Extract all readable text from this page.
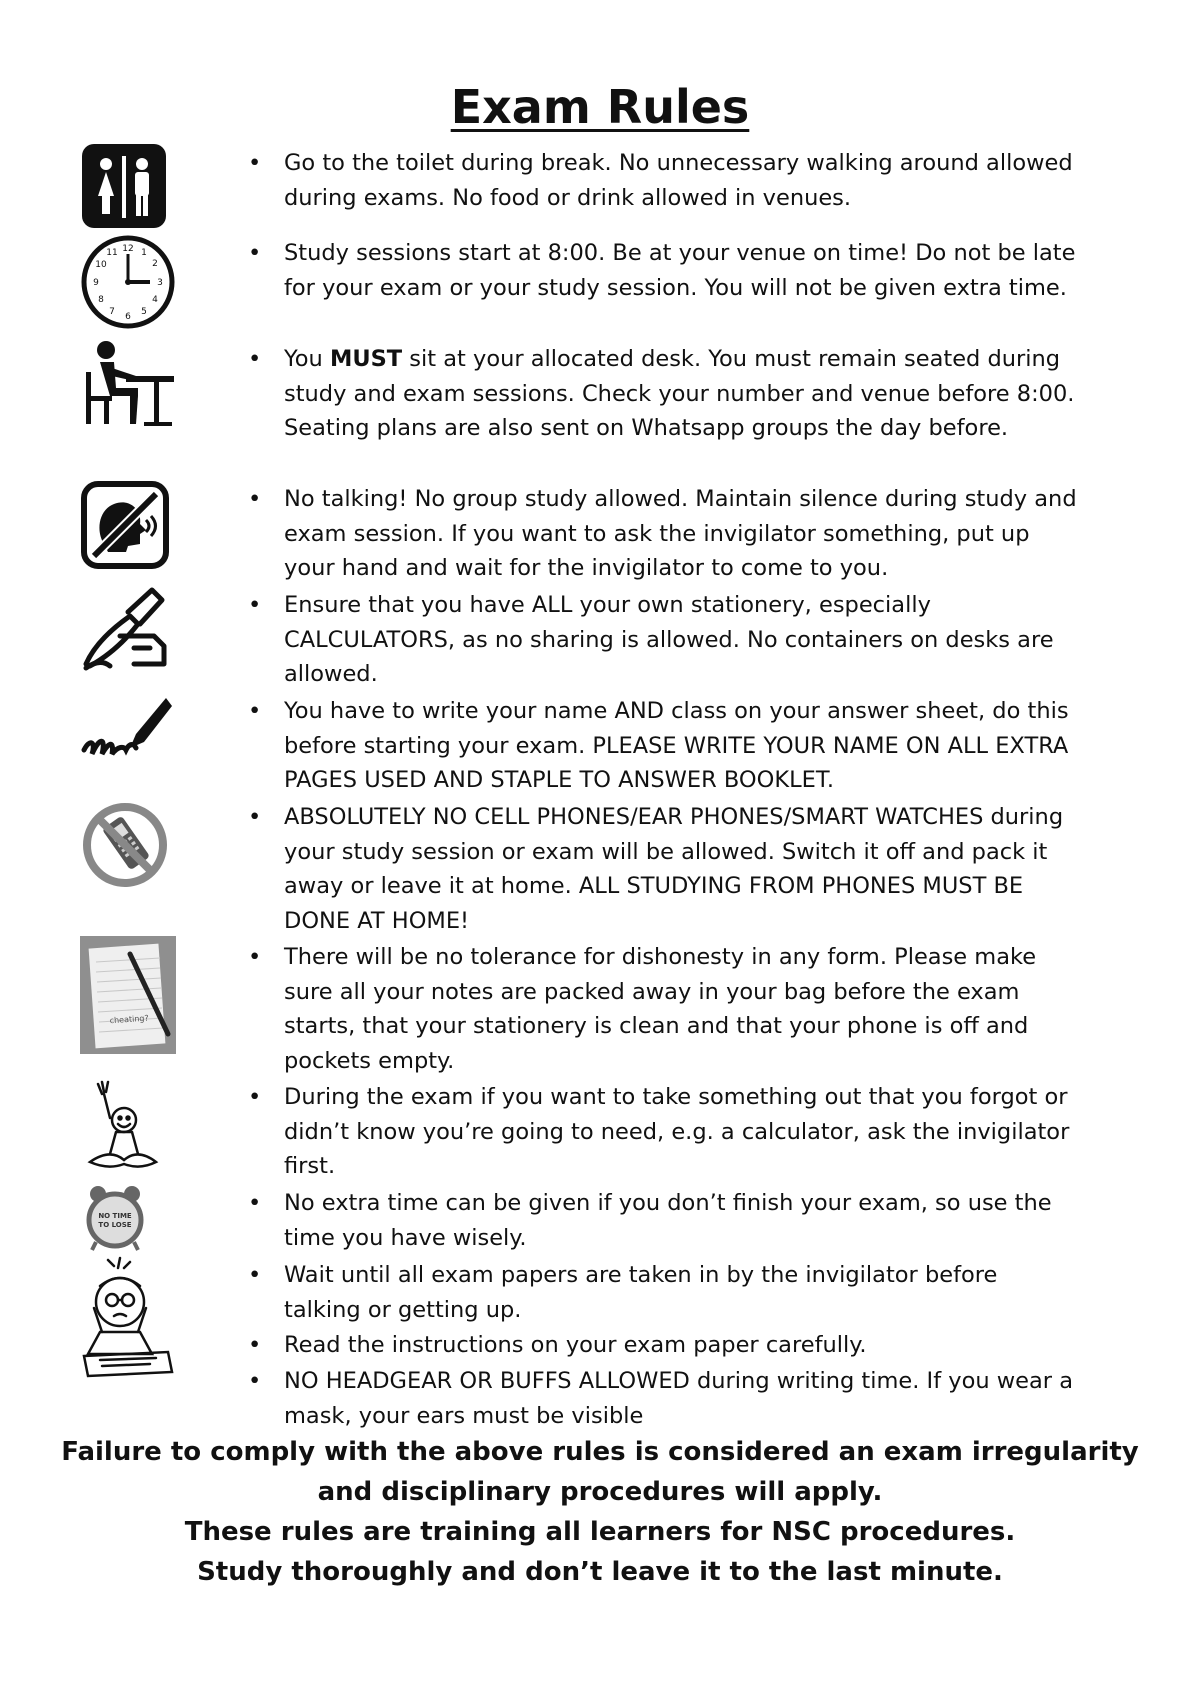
Exam Rules
12 1
2
3
4
5
6
7
8
9
10
11
cheating?
NO TIME
TO LOSE
• Go to the toilet during break. No unnecessary walking around allowed during exams. No food or drink allowed in venues.
• Study sessions start at 8:00. Be at your venue on time! Do not be late for your exam or your study session. You will not be given extra time.
• You MUST sit at your allocated desk. You must remain seated during study and exam sessions. Check your number and venue before 8:00. Seating plans are also sent on Whatsapp groups the day before.
• No talking! No group study allowed. Maintain silence during study and exam session. If you want to ask the invigilator something, put up your hand and wait for the invigilator to come to you.
• Ensure that you have ALL your own stationery, especially CALCULATORS, as no sharing is allowed. No containers on desks are allowed.
• You have to write your name AND class on your answer sheet, do this before starting your exam. PLEASE WRITE YOUR NAME ON ALL EXTRA PAGES USED AND STAPLE TO ANSWER BOOKLET.
• ABSOLUTELY NO CELL PHONES/EAR PHONES/SMART WATCHES during your study session or exam will be allowed. Switch it off and pack it away or leave it at home. ALL STUDYING FROM PHONES MUST BE DONE AT HOME!
• There will be no tolerance for dishonesty in any form. Please make sure all your notes are packed away in your bag before the exam starts, that your stationery is clean and that your phone is off and pockets empty.
• During the exam if you want to take something out that you forgot or didn’t know you’re going to need, e.g. a calculator, ask the invigilator first.
• No extra time can be given if you don’t finish your exam, so use the time you have wisely.
• Wait until all exam papers are taken in by the invigilator before talking or getting up.
• Read the instructions on your exam paper carefully.
• NO HEADGEAR OR BUFFS ALLOWED during writing time. If you wear a mask, your ears must be visible

Failure to comply with the above rules is considered an exam irregularity and disciplinary procedures will apply.

These rules are training all learners for NSC procedures.

Study thoroughly and don’t leave it to the last minute.
